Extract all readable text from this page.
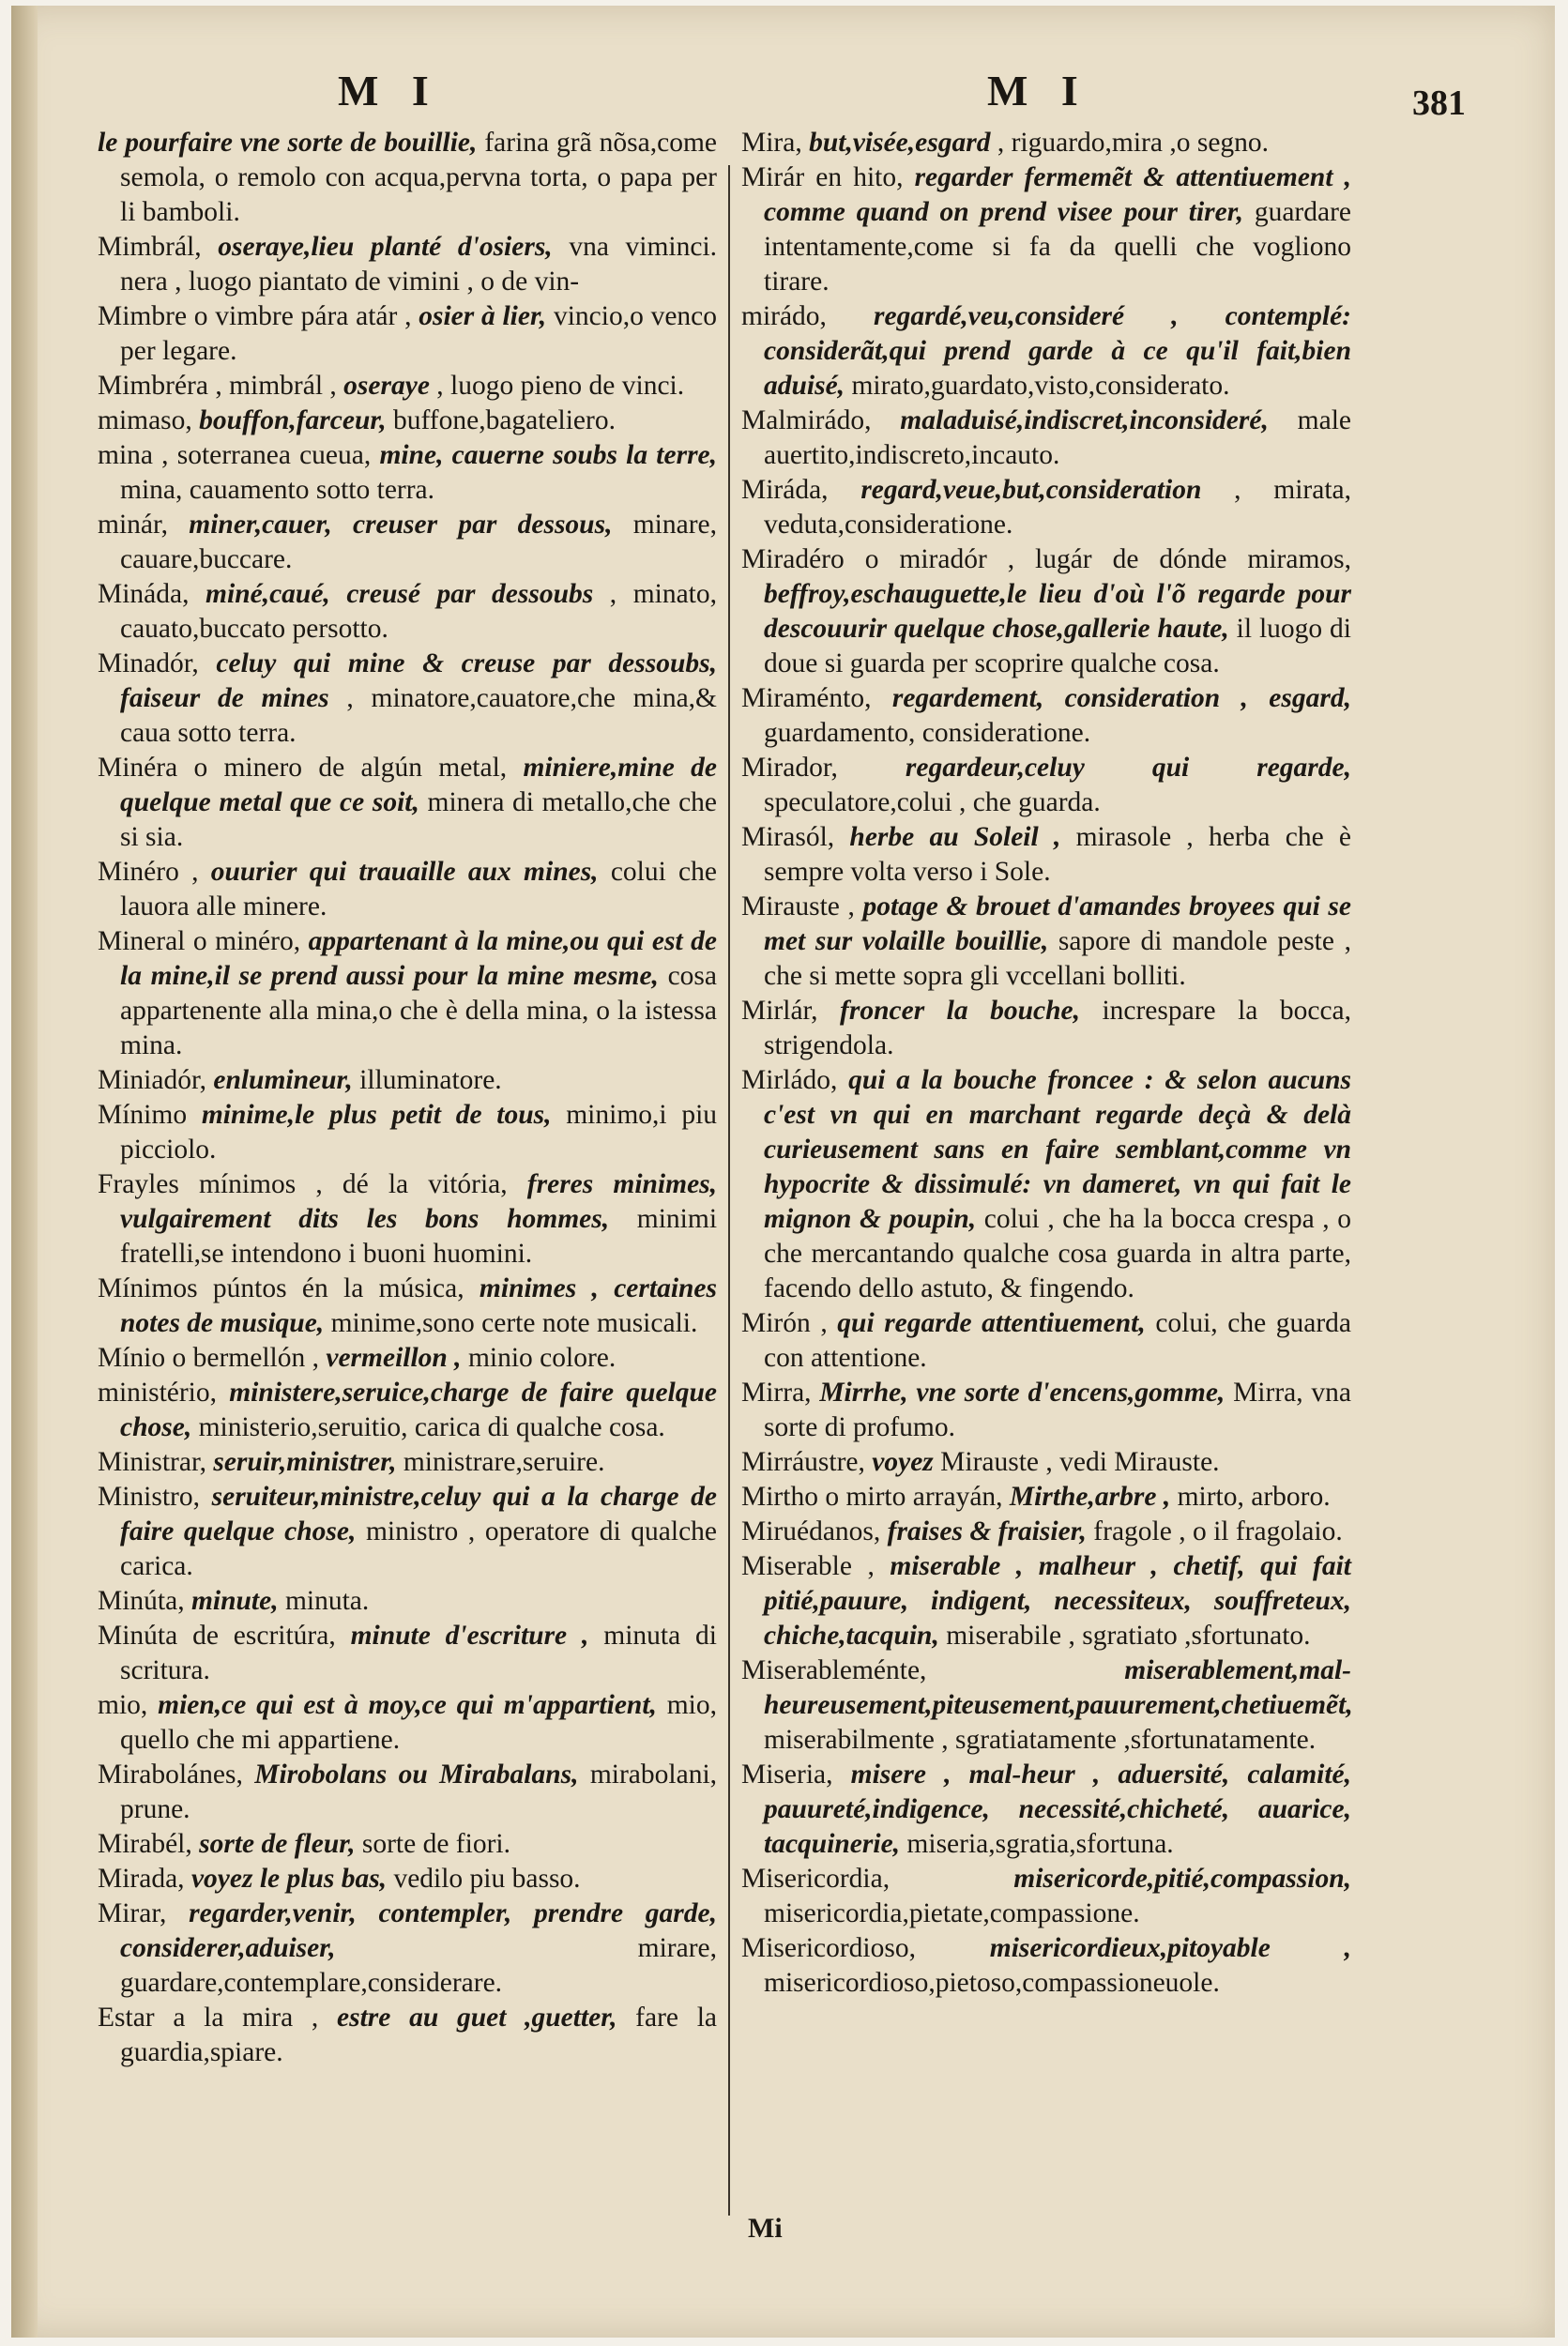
M I	M I	381

le pourfaire vne sorte de bouillie, farina grã nõsa,come semola, o remolo con acqua,pervna torta, o papa per li bamboli.

Mimbrál, oseraye,lieu planté d'osiers, vna viminci. nera , luogo piantato de vimini , o de vin-

Mimbre o vimbre pára atár , osier à lier, vincio,o venco per legare.

Mimbréra , mimbrál , oseraye , luogo pieno de vinci.

mimaso, bouffon,farceur, buffone,bagateliero.

mina , soterranea cueua, mine, cauerne soubs la terre, mina, cauamento sotto terra.

minár, miner,cauer, creuser par dessous, minare, cauare,buccare.

Mináda, miné,caué, creusé par dessoubs , minato, cauato,buccato persotto.

Minadór, celuy qui mine & creuse par dessoubs, faiseur de mines , minatore,cauatore,che mina,& caua sotto terra.

Minéra o minero de algún metal, miniere,mine de quelque metal que ce soit, minera di metallo,che che si sia.

Minéro , ouurier qui trauaille aux mines, colui che lauora alle minere.

Mineral o minéro, appartenant à la mine,ou qui est de la mine,il se prend aussi pour la mine mesme, cosa appartenente alla mina,o che è della mina, o la istessa mina.

Miniadór, enlumineur, illuminatore.

Mínimo minime,le plus petit de tous, minimo,i piu picciolo.

Frayles mínimos , dé la vitória, freres minimes, vulgairement dits les bons hommes, minimi fratelli,se intendono i buoni huomini.

Mínimos púntos én la música, minimes , certaines notes de musique, minime,sono certe note musicali.

Mínio o bermellón , vermeillon , minio colore.

ministério, ministere,seruice,charge de faire quelque chose, ministerio,seruitio, carica di qualche cosa.

Ministrar, seruir,ministrer, ministrare,seruire.

Ministro, seruiteur,ministre,celuy qui a la charge de faire quelque chose, ministro , operatore di qualche carica.

Minúta, minute, minuta.

Minúta de escritúra, minute d'escriture , minuta di scritura.

mio, mien,ce qui est à moy,ce qui m'appartient, mio, quello che mi appartiene.

Mirabolánes, Mirobolans ou Mirabalans, mirabolani, prune.

Mirabél, sorte de fleur, sorte de fiori.

Mirada, voyez le plus bas, vedilo piu basso.

Mirar, regarder,venir, contempler, prendre garde, considerer,aduiser,	mirare, guardare,contemplare,considerare.

Estar a la mira , estre au guet ,guetter, fare la guardia,spiare.

Mira, but,visée,esgard , riguardo,mira ,o segno.

Mirár en hito, regarder fermemẽt & attentiuement , comme quand on prend visee pour tirer, guardare intentamente,come si fa da quelli che vogliono tirare.

mirádo, regardé,veu,consideré , contemplé: considerãt,qui prend garde à ce qu'il fait,bien aduisé, mirato,guardato,visto,considerato.

Malmirádo, maladuisé,indiscret,inconsideré, male auertito,indiscreto,incauto.

Miráda, regard,veue,but,consideration , mirata, veduta,consideratione.

Miradéro o miradór , lugár de dónde miramos, beffroy,eschauguette,le lieu d'où l'õ regarde pour descouurir quelque chose,gallerie haute, il luogo di doue si guarda per scoprire qualche cosa.

Miraménto, regardement, consideration , esgard, guardamento, consideratione.

Mirador, regardeur,celuy qui regarde, speculatore,colui , che guarda.

Mirasól, herbe au Soleil , mirasole , herba che è sempre volta verso i Sole.

Mirauste , potage & brouet d'amandes broyees qui se met sur volaille bouillie, sapore di mandole peste , che si mette sopra gli vccellani bolliti.

Mirlár, froncer la bouche, increspare la bocca, strigendola.

Mirládo, qui a la bouche froncee : & selon aucuns c'est vn qui en marchant regarde deçà & delà curieusement sans en faire semblant,comme vn hypocrite & dissimulé: vn dameret, vn qui fait le mignon & poupin, colui , che ha la bocca crespa , o che mercantando qualche cosa guarda in altra parte, facendo dello astuto, & fingendo.

Mirón , qui regarde attentiuement, colui, che guarda con attentione.

Mirra, Mirrhe, vne sorte d'encens,gomme, Mirra, vna sorte di profumo.

Mirráustre, voyez Mirauste , vedi Mirauste.

Mirtho o mirto arrayán, Mirthe,arbre , mirto, arboro.

Miruédanos, fraises & fraisier, fragole , o il fragolaio.

Miserable , miserable , malheur , chetif, qui fait pitié,pauure, indigent, necessiteux, souffreteux, chiche,tacquin, miserabile , sgratiato ,sfortunato.

Miserableménte,	miserablement,mal-heureusement,piteusement,pauurement,chetiuemẽt, miserabilmente , sgratiatamente ,sfortunatamente.

Miseria, misere , mal-heur , aduersité, calamité, pauureté,indigence, necessité,chicheté, auarice, tacquinerie, miseria,sgratia,sfortuna.

Misericordia,	misericorde,pitié,compassion, misericordia,pietate,compassione.

Misericordioso,	misericordieux,pitoyable , misericordioso,pietoso,compassioneuole.

Mi
